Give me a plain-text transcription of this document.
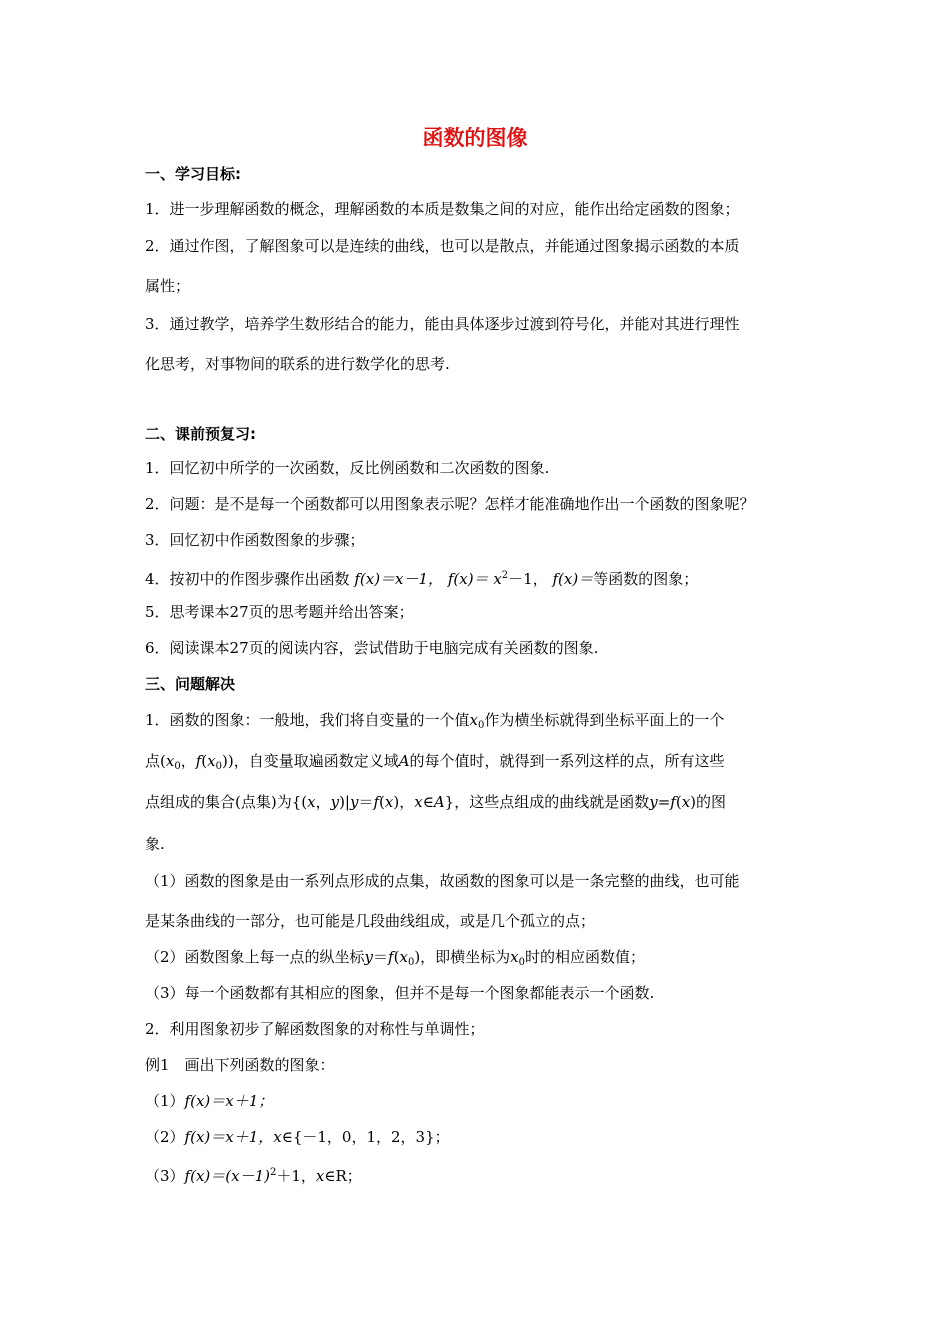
函数的图像
一、学习目标:
1．进一步理解函数的概念，理解函数的本质是数集之间的对应，能作出给定函数的图象；
2．通过作图，了解图象可以是连续的曲线，也可以是散点，并能通过图象揭示函数的本质
属性；
3．通过教学，培养学生数形结合的能力，能由具体逐步过渡到符号化，并能对其进行理性
化思考，对事物间的联系的进行数学化的思考.
二、课前预复习:
1．回忆初中所学的一次函数，反比例函数和二次函数的图象.
2．问题：是不是每一个函数都可以用图象表示呢？怎样才能准确地作出一个函数的图象呢？
3．回忆初中作函数图象的步骤；
4．按初中的作图步骤作出函数 f(x)＝x－1， $f(x)= x^2-1$， f(x)＝等函数的图象；
5．思考课本27页的思考题并给出答案；
6．阅读课本27页的阅读内容，尝试借助于电脑完成有关函数的图象.
三、问题解决
1．函数的图象：一般地，我们将自变量的一个值$x_0$作为横坐标就得到坐标平面上的一个
点($x_0$，$f(x_0)$)，自变量取遍函数定义域A的每个值时，就得到一系列这样的点，所有这些
点组成的集合(点集)为{(x，y)|y＝f(x)，x∈A}，这些点组成的曲线就是函数y=f(x)的图
象.
（1）函数的图象是由一系列点形成的点集，故函数的图象可以是一条完整的曲线，也可能
是某条曲线的一部分，也可能是几段曲线组成，或是几个孤立的点；
（2）函数图象上每一点的纵坐标$y=f(x_0)$，即横坐标为$x_0$时的相应函数值；
（3）每一个函数都有其相应的图象，但并不是每一个图象都能表示一个函数.
2．利用图象初步了解函数图象的对称性与单调性；
例1　画出下列函数的图象：
（1）f(x)＝x＋1；
（2）f(x)＝x＋1，x∈{－1，0，1，2，3}；
$(3)f(x)=(x-1)^2+1$，x∈R；
